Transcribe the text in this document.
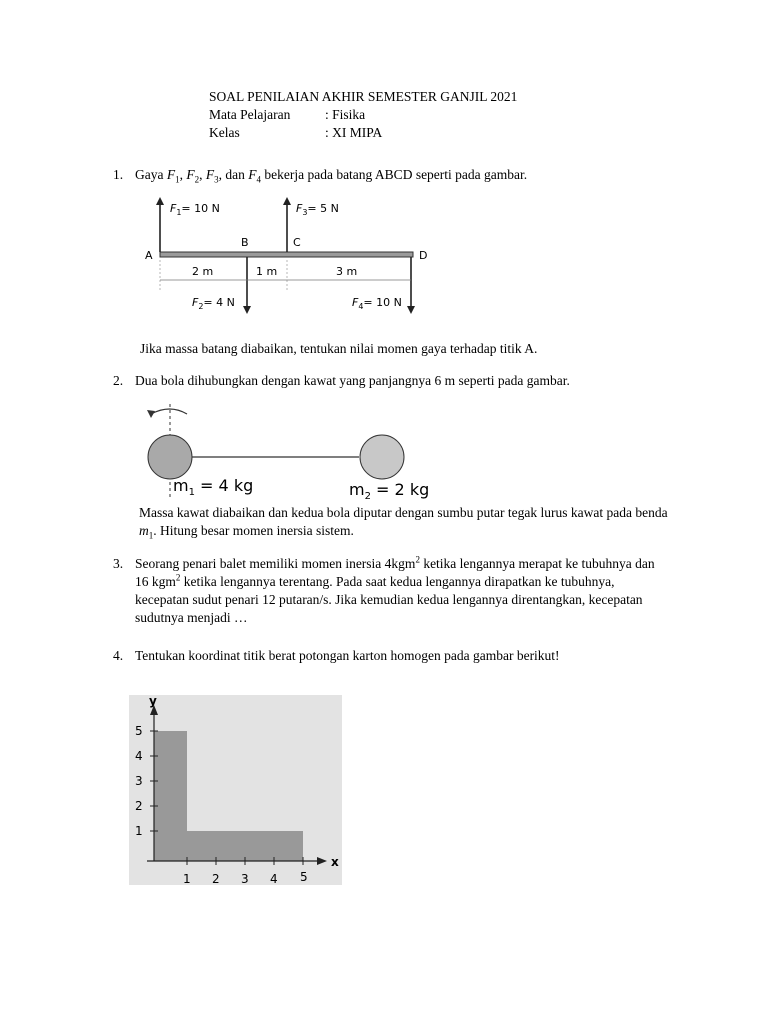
SOAL PENILAIAN AKHIR SEMESTER GANJIL 2021
Mata Pelajaran	: Fisika
Kelas	: XI MIPA
1. Gaya $F_1$, $F_2$, $F_3$, dan $F_4$ bekerja pada batang ABCD seperti pada gambar.
$F_1= 10$ N	$F_3= 5$ N
$F_2= 4$ N	$F_4= 10$ N
A
B	C
D
2 m	1 m	3 m
Jika massa batang diabaikan, tentukan nilai momen gaya terhadap titik A.
2. Dua bola dihubungkan dengan kawat yang panjangnya 6 m seperti pada gambar.
$m_1 = 4$ kg	$m_2 = 2$ kg
Massa kawat diabaikan dan kedua bola diputar dengan sumbu putar tegak lurus kawat pada benda $m_1$. Hitung besar momen inersia sistem.
3. Seorang penari balet memiliki momen inersia 4kgm$^2$ ketika lengannya merapat ke tubuhnya dan 16 kgm$^2$ ketika lengannya terentang. Pada saat kedua lengannya dirapatkan ke tubuhnya, kecepatan sudut penari 12 putaran/s. Jika kemudian kedua lengannya direntangkan, kecepatan sudutnya menjadi …
4. Tentukan koordinat titik berat potongan karton homogen pada gambar berikut!
y
x
1 2 3 4 5
1
2
3
4
5
